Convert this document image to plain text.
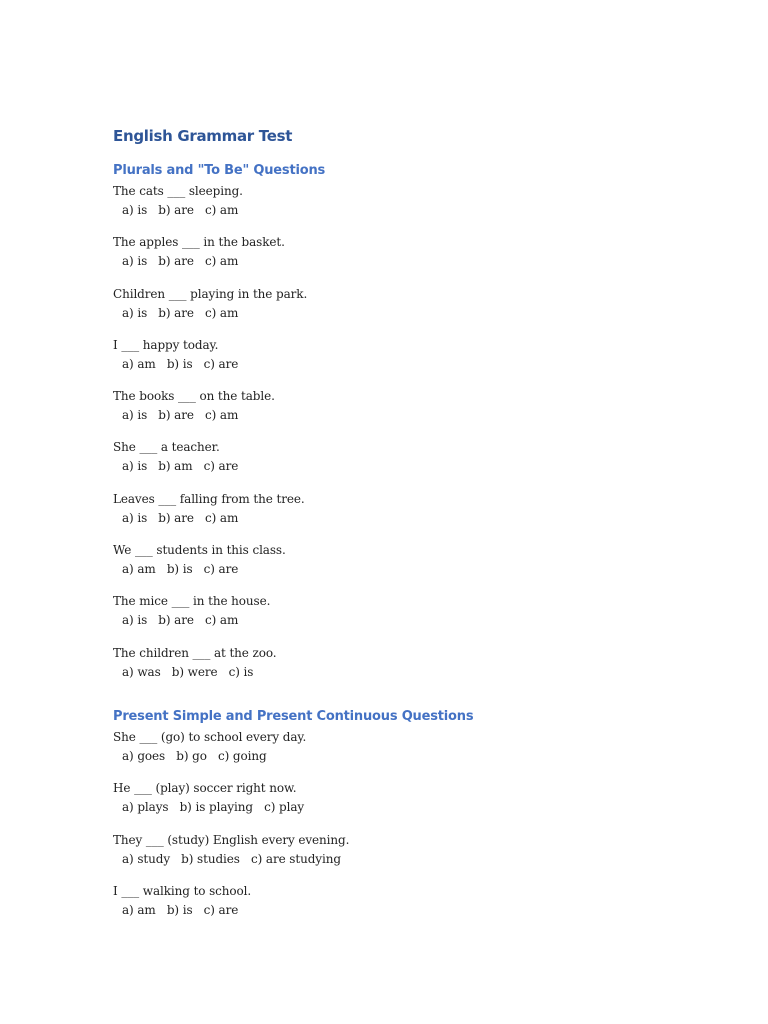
English Grammar Test
Plurals and "To Be" Questions
The cats ___ sleeping.
a) is   b) are   c) am
The apples ___ in the basket.
a) is   b) are   c) am
Children ___ playing in the park.
a) is   b) are   c) am
I ___ happy today.
a) am   b) is   c) are
The books ___ on the table.
a) is   b) are   c) am
She ___ a teacher.
a) is   b) am   c) are
Leaves ___ falling from the tree.
a) is   b) are   c) am
We ___ students in this class.
a) am   b) is   c) are
The mice ___ in the house.
a) is   b) are   c) am
The children ___ at the zoo.
a) was   b) were   c) is
Present Simple and Present Continuous Questions
She ___ (go) to school every day.
a) goes   b) go   c) going
He ___ (play) soccer right now.
a) plays   b) is playing   c) play
They ___ (study) English every evening.
a) study   b) studies   c) are studying
I ___ walking to school.
a) am   b) is   c) are
